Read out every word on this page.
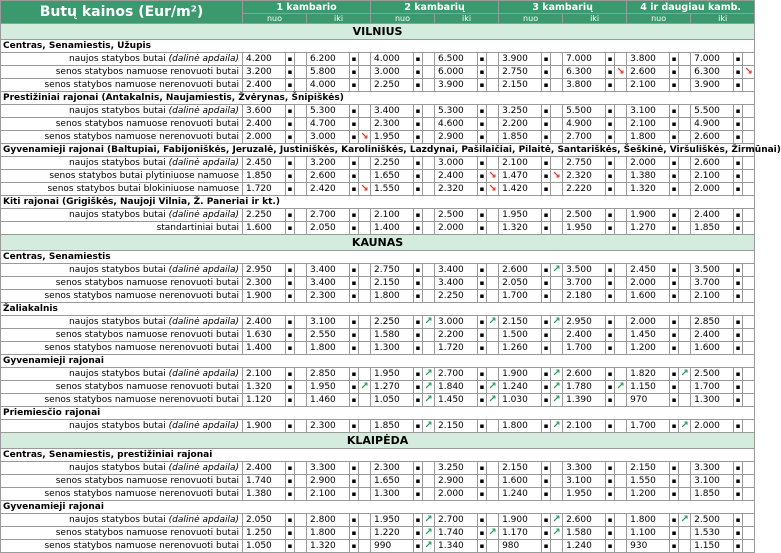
Butų kainos (Eur/m²)	1 kambario						2 kambarių						3 kambarių						4 ir daugiau kamb.					
	nuo			iki			nuo			iki			nuo			iki			nuo			iki		
VILNIUS																								
Centras, Senamiestis, Užupis																								
naujos statybos butai (dalinė apdaila)	4.200	▪		6.200	▪		4.000	▪		6.500	▪		3.900	▪		7.000	▪		3.800	▪		7.000	▪	
senos statybos namuose renovuoti butai	3.200	▪		5.800	▪		3.000	▪		6.000	▪		2.750	▪		6.300	▪	↘	2.600	▪		6.300	▪	↘
senos statybos namuose nerenovuoti butai	2.400	▪		4.000	▪		2.250	▪		3.900	▪		2.150	▪		3.800	▪		2.100	▪		3.900	▪	
Prestižiniai rajonai (Antakalnis, Naujamiestis, Žvėrynas, Šnipiškės)																								
naujos statybos butai (dalinė apdaila)	3.600	▪		5.300	▪		3.400	▪		5.300	▪		3.250	▪		5.500	▪		3.100	▪		5.500	▪	
senos statybos namuose renovuoti butai	2.400	▪		4.700	▪		2.300	▪		4.600	▪		2.200	▪		4.900	▪		2.100	▪		4.900	▪	
senos statybos namuose nerenovuoti butai	2.000	▪		3.000	▪	↘	1.950	▪		2.900	▪		1.850	▪		2.700	▪		1.800	▪		2.600	▪	
Gyvenamieji rajonai (Baltupiai, Fabijoniškės, Jeruzalė, Justiniškės, Karoliniškės, Lazdynai, Pašilaičiai, Pilaitė, Santariškės, Šeškinė, Viršuliškės, Žirmūnai)																								
naujos statybos butai (dalinė apdaila)	2.450	▪		3.200	▪		2.250	▪		3.000	▪		2.100	▪		2.750	▪		2.000	▪		2.600	▪	
senos statybos butai plytiniuose namuose	1.850	▪		2.600	▪		1.650	▪		2.400	▪	↘	1.470	▪	↘	2.320	▪		1.380	▪		2.100	▪	
senos statybos butai blokiniuose namuose	1.720	▪		2.420	▪	↘	1.550	▪		2.320	▪	↘	1.420	▪		2.220	▪		1.320	▪		2.000	▪	
Kiti rajonai (Grigiškės, Naujoji Vilnia, Ž. Paneriai ir kt.)																								
naujos statybos butai (dalinė apdaila)	2.250	▪		2.700	▪		2.100	▪		2.500	▪		1.950	▪		2.500	▪		1.900	▪		2.400	▪	
standartiniai butai	1.600	▪		2.050	▪		1.400	▪		2.000	▪		1.320	▪		1.950	▪		1.270	▪		1.850	▪	
KAUNAS																								
Centras, Senamiestis																								
naujos statybos butai (dalinė apdaila)	2.950	▪		3.400	▪		2.750	▪		3.400	▪		2.600	▪	↗	3.500	▪		2.450	▪		3.500	▪	
senos statybos namuose renovuoti butai	2.300	▪		3.400	▪		2.150	▪		3.400	▪		2.050	▪		3.700	▪		2.000	▪		3.700	▪	
senos statybos namuose nerenovuoti butai	1.900	▪		2.300	▪		1.800	▪		2.250	▪		1.700	▪		2.180	▪		1.600	▪		2.100	▪	
Žaliakalnis																								
naujos statybos butai (dalinė apdaila)	2.400	▪		3.100	▪		2.250	▪	↗	3.000	▪	↗	2.150	▪	↗	2.950	▪		2.000	▪		2.850	▪	
senos statybos namuose renovuoti butai	1.630	▪		2.550	▪		1.580	▪		2.200	▪		1.500	▪		2.400	▪		1.450	▪		2.400	▪	
senos statybos namuose nerenovuoti butai	1.400	▪		1.800	▪		1.300	▪		1.720	▪		1.260	▪		1.700	▪		1.200	▪		1.600	▪	
Gyvenamieji rajonai																								
naujos statybos butai (dalinė apdaila)	2.100	▪		2.850	▪		1.950	▪	↗	2.700	▪		1.900	▪	↗	2.600	▪		1.820	▪	↗	2.500	▪	
senos statybos namuose renovuoti butai	1.320	▪		1.950	▪	↗	1.270	▪	↗	1.840	▪	↗	1.240	▪	↗	1.780	▪	↗	1.150	▪		1.700	▪	
senos statybos namuose nerenovuoti butai	1.120	▪		1.460	▪		1.050	▪	↗	1.450	▪	↗	1.030	▪	↗	1.390	▪		970	▪		1.300	▪	
Priemiesčio rajonai																								
naujos statybos butai (dalinė apdaila)	1.900	▪		2.300	▪		1.850	▪	↗	2.150	▪		1.800	▪	↗	2.100	▪		1.700	▪	↗	2.000	▪	
KLAIPĖDA																								
Centras, Senamiestis, prestižiniai rajonai																								
naujos statybos butai (dalinė apdaila)	2.400	▪		3.300	▪		2.300	▪		3.250	▪		2.150	▪		3.300	▪		2.150	▪		3.300	▪	
senos statybos namuose renovuoti butai	1.740	▪		2.900	▪		1.650	▪		2.900	▪		1.600	▪		3.100	▪		1.550	▪		3.100	▪	
senos statybos namuose nerenovuoti butai	1.380	▪		2.100	▪		1.300	▪		2.000	▪		1.240	▪		1.950	▪		1.200	▪		1.850	▪	
Gyvenamieji rajonai																								
naujos statybos butai (dalinė apdaila)	2.050	▪		2.800	▪		1.950	▪	↗	2.700	▪		1.900	▪	↗	2.600	▪		1.800	▪	↗	2.500	▪	
senos statybos namuose renovuoti butai	1.250	▪		1.800	▪		1.220	▪	↗	1.740	▪	↗	1.170	▪	↗	1.580	▪		1.100	▪		1.530	▪	
senos statybos namuose nerenovuoti butai	1.050	▪		1.320	▪		990	▪	↗	1.340	▪		980	▪		1.240	▪		930	▪		1.150	▪	
